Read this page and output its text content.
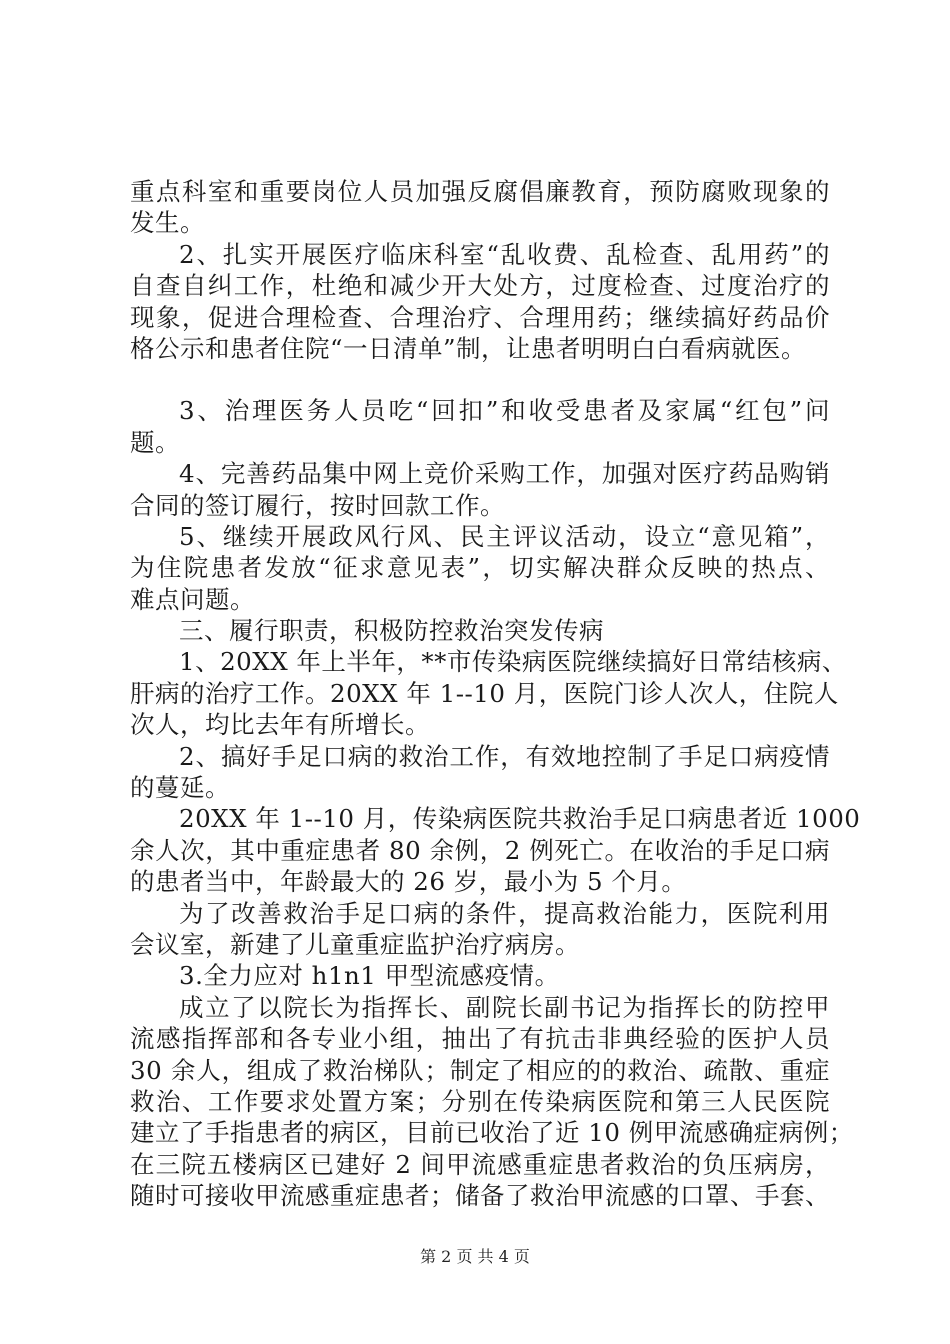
重点科室和重要岗位人员加强反腐倡廉教育，预防腐败现象的
发生。
2、扎实开展医疗临床科室“乱收费、乱检查、乱用药”的
自查自纠工作，杜绝和减少开大处方，过度检查、过度治疗的
现象，促进合理检查、合理治疗、合理用药；继续搞好药品价
格公示和患者住院“一日清单”制，让患者明明白白看病就医。
3、治理医务人员吃“回扣”和收受患者及家属“红包”问
题。
4、完善药品集中网上竞价采购工作，加强对医疗药品购销
合同的签订履行，按时回款工作。
5、继续开展政风行风、民主评议活动，设立“意见箱”，
为住院患者发放“征求意见表”，切实解决群众反映的热点、
难点问题。
三、履行职责，积极防控救治突发传病
1、20XX 年上半年，**市传染病医院继续搞好日常结核病、
肝病的治疗工作。20XX 年 1--10 月，医院门诊人次人，住院人
次人，均比去年有所增长。
2、搞好手足口病的救治工作，有效地控制了手足口病疫情
的蔓延。
20XX 年 1--10 月，传染病医院共救治手足口病患者近 1000
余人次，其中重症患者 80 余例，2 例死亡。在收治的手足口病
的患者当中，年龄最大的 26 岁，最小为 5 个月。
为了改善救治手足口病的条件，提高救治能力，医院利用
会议室，新建了儿童重症监护治疗病房。
3.全力应对 h1n1 甲型流感疫情。
成立了以院长为指挥长、副院长副书记为指挥长的防控甲
流感指挥部和各专业小组，抽出了有抗击非典经验的医护人员
30 余人，组成了救治梯队；制定了相应的的救治、疏散、重症
救治、工作要求处置方案；分别在传染病医院和第三人民医院
建立了手指患者的病区，目前已收治了近 10 例甲流感确症病例；
在三院五楼病区已建好 2 间甲流感重症患者救治的负压病房，
随时可接收甲流感重症患者；储备了救治甲流感的口罩、手套、
第 2 页 共 4 页
